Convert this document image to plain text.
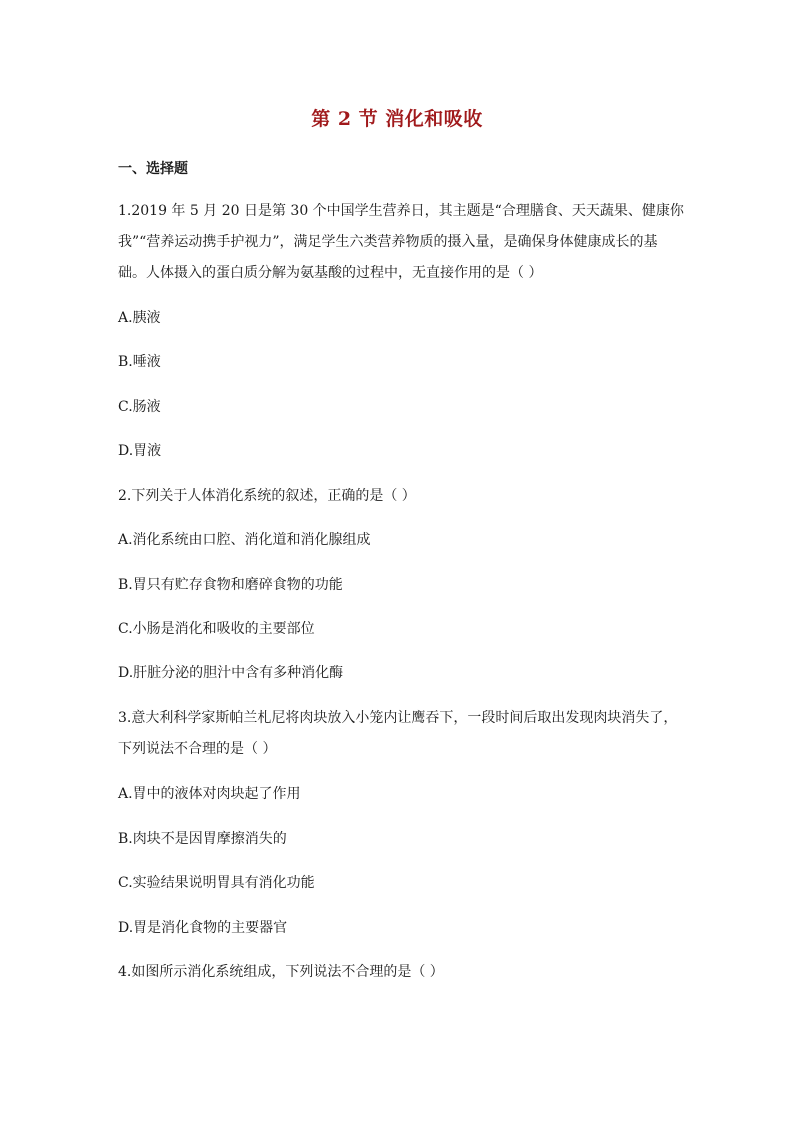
第 2 节 消化和吸收
一、选择题
1.2019 年 5 月 20 日是第 30 个中国学生营养日，其主题是“合理膳食、天天蔬果、健康你
我”“营养运动携手护视力”，满足学生六类营养物质的摄入量，是确保身体健康成长的基
础。人体摄入的蛋白质分解为氨基酸的过程中，无直接作用的是（ ）
A.胰液
B.唾液
C.肠液
D.胃液
2.下列关于人体消化系统的叙述，正确的是（ ）
A.消化系统由口腔、消化道和消化腺组成
B.胃只有贮存食物和磨碎食物的功能
C.小肠是消化和吸收的主要部位
D.肝脏分泌的胆汁中含有多种消化酶
3.意大利科学家斯帕兰札尼将肉块放入小笼内让鹰吞下，一段时间后取出发现肉块消失了，
下列说法不合理的是（ ）
A.胃中的液体对肉块起了作用
B.肉块不是因胃摩擦消失的
C.实验结果说明胃具有消化功能
D.胃是消化食物的主要器官
4.如图所示消化系统组成，下列说法不合理的是（ ）
